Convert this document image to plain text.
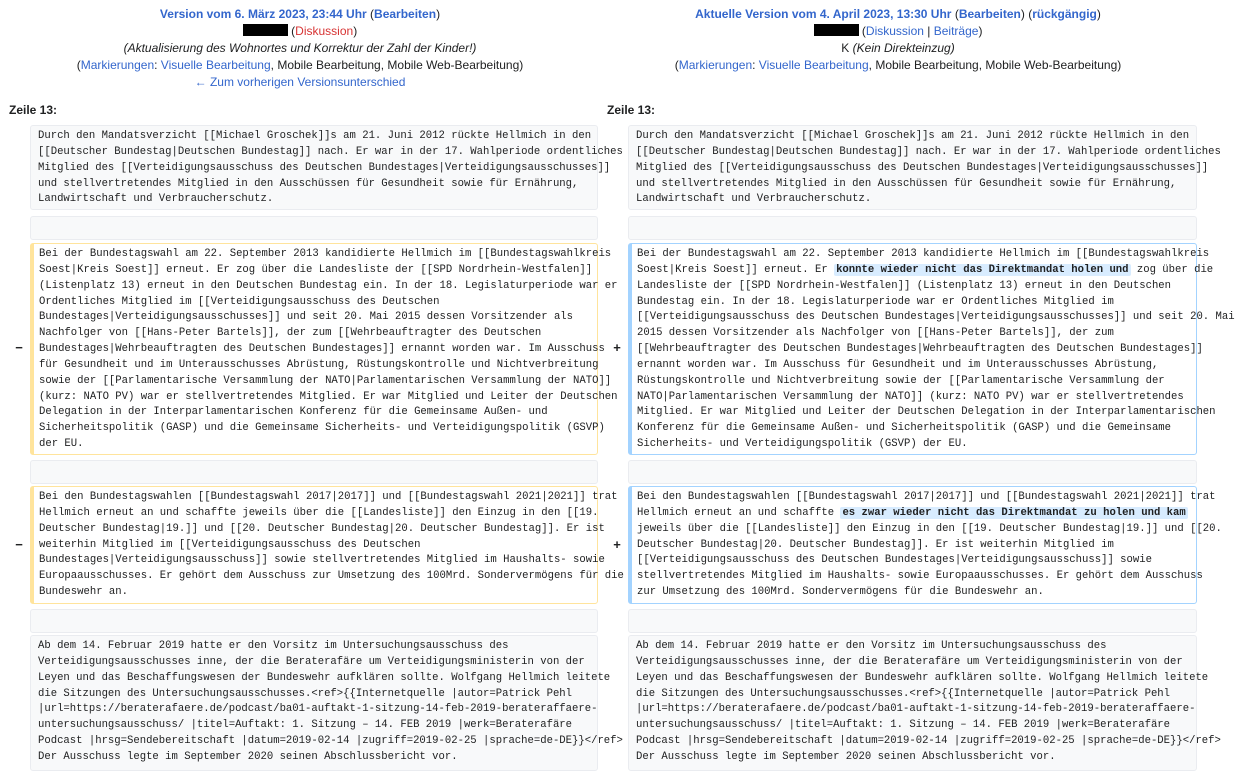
Version vom 6. März 2023, 23:44 Uhr (Bearbeiten)
(Diskussion)
(Aktualisierung des Wohnortes und Korrektur der Zahl der Kinder!)
(Markierungen: Visuelle Bearbeitung, Mobile Bearbeitung, Mobile Web-Bearbeitung)
← Zum vorherigen Versionsunterschied
Aktuelle Version vom 4. April 2023, 13:30 Uhr (Bearbeiten) (rückgängig)
(Diskussion | Beiträge)
K (Kein Direkteinzug)
(Markierungen: Visuelle Bearbeitung, Mobile Bearbeitung, Mobile Web-Bearbeitung)
Zeile 13:	Zeile 13:
Durch den Mandatsverzicht [[Michael Groschek]]s am 21. Juni 2012 rückte Hellmich in den
[[Deutscher Bundestag|Deutschen Bundestag]] nach. Er war in der 17. Wahlperiode ordentliches
Mitglied des [[Verteidigungsausschuss des Deutschen Bundestages|Verteidigungsausschusses]]
und stellvertretendes Mitglied in den Ausschüssen für Gesundheit sowie für Ernährung,
Landwirtschaft und Verbraucherschutz.
−
Bei der Bundestagswahl am 22. September 2013 kandidierte Hellmich im [[Bundestagswahlkreis
Soest|Kreis Soest]] erneut. Er zog über die Landesliste der [[SPD Nordrhein-Westfalen]]
(Listenplatz 13) erneut in den Deutschen Bundestag ein. In der 18. Legislaturperiode war er
Ordentliches Mitglied im [[Verteidigungsausschuss des Deutschen
Bundestages|Verteidigungsausschusses]] und seit 20. Mai 2015 dessen Vorsitzender als
Nachfolger von [[Hans-Peter Bartels]], der zum [[Wehrbeauftragter des Deutschen
Bundestages|Wehrbeauftragten des Deutschen Bundestages]] ernannt worden war. Im Ausschuss
für Gesundheit und im Unterausschusses Abrüstung, Rüstungskontrolle und Nichtverbreitung
sowie der [[Parlamentarische Versammlung der NATO|Parlamentarischen Versammlung der NATO]]
(kurz: NATO PV) war er stellvertretendes Mitglied. Er war Mitglied und Leiter der Deutschen
Delegation in der Interparlamentarischen Konferenz für die Gemeinsame Außen- und
Sicherheitspolitik (GASP) und die Gemeinsame Sicherheits- und Verteidigungspolitik (GSVP)
der EU.
−
Bei den Bundestagswahlen [[Bundestagswahl 2017|2017]] und [[Bundestagswahl 2021|2021]] trat
Hellmich erneut an und schaffte jeweils über die [[Landesliste]] den Einzug in den [[19.
Deutscher Bundestag|19.]] und [[20. Deutscher Bundestag|20. Deutscher Bundestag]]. Er ist
weiterhin Mitglied im [[Verteidigungsausschuss des Deutschen
Bundestages|Verteidigungsausschuss]] sowie stellvertretendes Mitglied im Haushalts- sowie
Europaausschusses. Er gehört dem Ausschuss zur Umsetzung des 100Mrd. Sondervermögens für die
Bundeswehr an.
Ab dem 14. Februar 2019 hatte er den Vorsitz im Untersuchungsausschuss des
Verteidigungsausschusses inne, der die Beraterafäre um Verteidigungsministerin von der
Leyen und das Beschaffungswesen der Bundeswehr aufklären sollte. Wolfgang Hellmich leitete
die Sitzungen des Untersuchungsausschusses.<ref>{{Internetquelle |autor=Patrick Pehl
|url=https://beraterafaere.de/podcast/ba01-auftakt-1-sitzung-14-feb-2019-berateraffaere-
untersuchungsausschuss/ |titel=Auftakt: 1. Sitzung – 14. FEB 2019 |werk=Beraterafäre
Podcast |hrsg=Sendebereitschaft |datum=2019-02-14 |zugriff=2019-02-25 |sprache=de-DE}}</ref>
Der Ausschuss legte im September 2020 seinen Abschlussbericht vor.
Durch den Mandatsverzicht [[Michael Groschek]]s am 21. Juni 2012 rückte Hellmich in den
[[Deutscher Bundestag|Deutschen Bundestag]] nach. Er war in der 17. Wahlperiode ordentliches
Mitglied des [[Verteidigungsausschuss des Deutschen Bundestages|Verteidigungsausschusses]]
und stellvertretendes Mitglied in den Ausschüssen für Gesundheit sowie für Ernährung,
Landwirtschaft und Verbraucherschutz.
+
Bei der Bundestagswahl am 22. September 2013 kandidierte Hellmich im [[Bundestagswahlkreis
Soest|Kreis Soest]] erneut. Er konnte wieder nicht das Direktmandat holen und zog über die
Landesliste der [[SPD Nordrhein-Westfalen]] (Listenplatz 13) erneut in den Deutschen
Bundestag ein. In der 18. Legislaturperiode war er Ordentliches Mitglied im
[[Verteidigungsausschuss des Deutschen Bundestages|Verteidigungsausschusses]] und seit 20. Mai
2015 dessen Vorsitzender als Nachfolger von [[Hans-Peter Bartels]], der zum
[[Wehrbeauftragter des Deutschen Bundestages|Wehrbeauftragten des Deutschen Bundestages]]
ernannt worden war. Im Ausschuss für Gesundheit und im Unterausschusses Abrüstung,
Rüstungskontrolle und Nichtverbreitung sowie der [[Parlamentarische Versammlung der
NATO|Parlamentarischen Versammlung der NATO]] (kurz: NATO PV) war er stellvertretendes
Mitglied. Er war Mitglied und Leiter der Deutschen Delegation in der Interparlamentarischen
Konferenz für die Gemeinsame Außen- und Sicherheitspolitik (GASP) und die Gemeinsame
Sicherheits- und Verteidigungspolitik (GSVP) der EU.
+
Bei den Bundestagswahlen [[Bundestagswahl 2017|2017]] und [[Bundestagswahl 2021|2021]] trat
Hellmich erneut an und schaffte es zwar wieder nicht das Direktmandat zu holen und kam
jeweils über die [[Landesliste]] den Einzug in den [[19. Deutscher Bundestag|19.]] und [[20.
Deutscher Bundestag|20. Deutscher Bundestag]]. Er ist weiterhin Mitglied im
[[Verteidigungsausschuss des Deutschen Bundestages|Verteidigungsausschuss]] sowie
stellvertretendes Mitglied im Haushalts- sowie Europaausschusses. Er gehört dem Ausschuss
zur Umsetzung des 100Mrd. Sondervermögens für die Bundeswehr an.
Ab dem 14. Februar 2019 hatte er den Vorsitz im Untersuchungsausschuss des
Verteidigungsausschusses inne, der die Beraterafäre um Verteidigungsministerin von der
Leyen und das Beschaffungswesen der Bundeswehr aufklären sollte. Wolfgang Hellmich leitete
die Sitzungen des Untersuchungsausschusses.<ref>{{Internetquelle |autor=Patrick Pehl
|url=https://beraterafaere.de/podcast/ba01-auftakt-1-sitzung-14-feb-2019-berateraffaere-
untersuchungsausschuss/ |titel=Auftakt: 1. Sitzung – 14. FEB 2019 |werk=Beraterafäre
Podcast |hrsg=Sendebereitschaft |datum=2019-02-14 |zugriff=2019-02-25 |sprache=de-DE}}</ref>
Der Ausschuss legte im September 2020 seinen Abschlussbericht vor.
